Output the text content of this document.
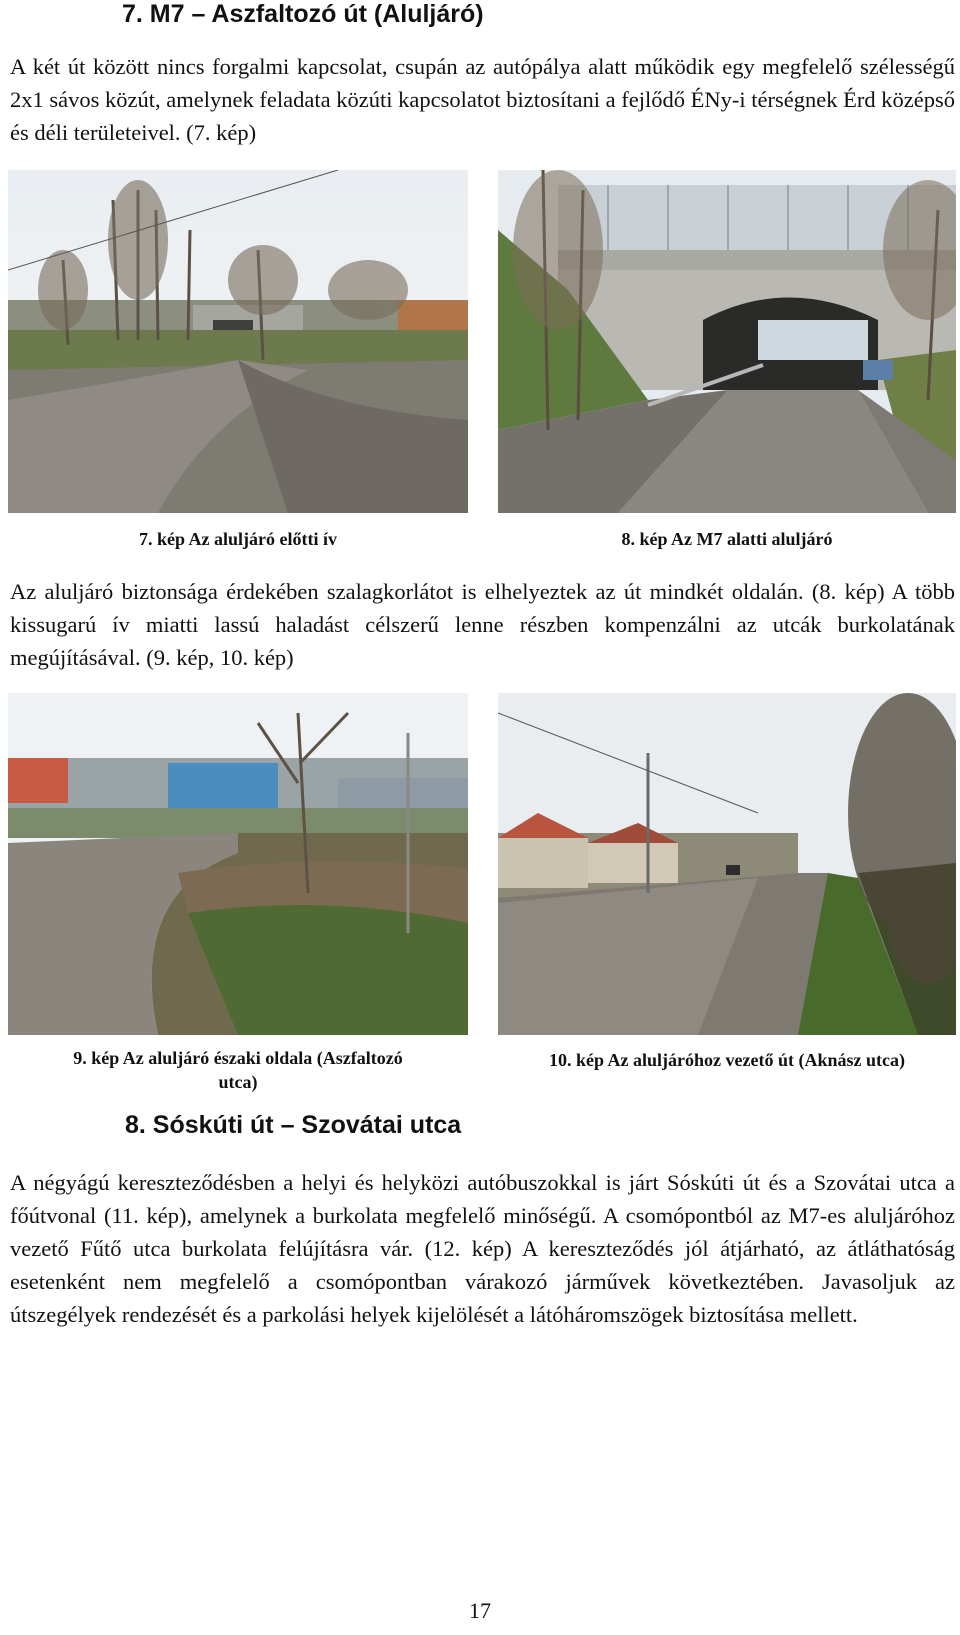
7. M7 – Aszfaltozó út (Aluljáró)

A két út között nincs forgalmi kapcsolat, csupán az autópálya alatt működik egy megfelelő szélességű 2x1 sávos közút, amelynek feladata közúti kapcsolatot biztosítani a fejlődő ÉNy-i térségnek Érd középső és déli területeivel. (7. kép)

7. kép Az aluljáró előtti ív	8. kép Az M7 alatti aluljáró

Az aluljáró biztonsága érdekében szalagkorlátot is elhelyeztek az út mindkét oldalán. (8. kép) A több kissugarú ív miatti lassú haladást célszerű lenne részben kompenzálni az utcák burkolatának megújításával. (9. kép, 10. kép)

9. kép Az aluljáró északi oldala (Aszfaltozó utca)
10. kép Az aluljáróhoz vezető út (Aknász utca)
8. Sóskúti út – Szovátai utca

A négyágú kereszteződésben a helyi és helyközi autóbuszokkal is járt Sóskúti út és a Szovátai utca a főútvonal (11. kép), amelynek a burkolata megfelelő minőségű. A csomópontból az M7-es aluljáróhoz vezető Fűtő utca burkolata felújításra vár. (12. kép) A kereszteződés jól átjárható, az átláthatóság esetenként nem megfelelő a csomópontban várakozó járművek következtében. Javasoljuk az útszegélyek rendezését és a parkolási helyek kijelölését a látóháromszögek biztosítása mellett.

17
